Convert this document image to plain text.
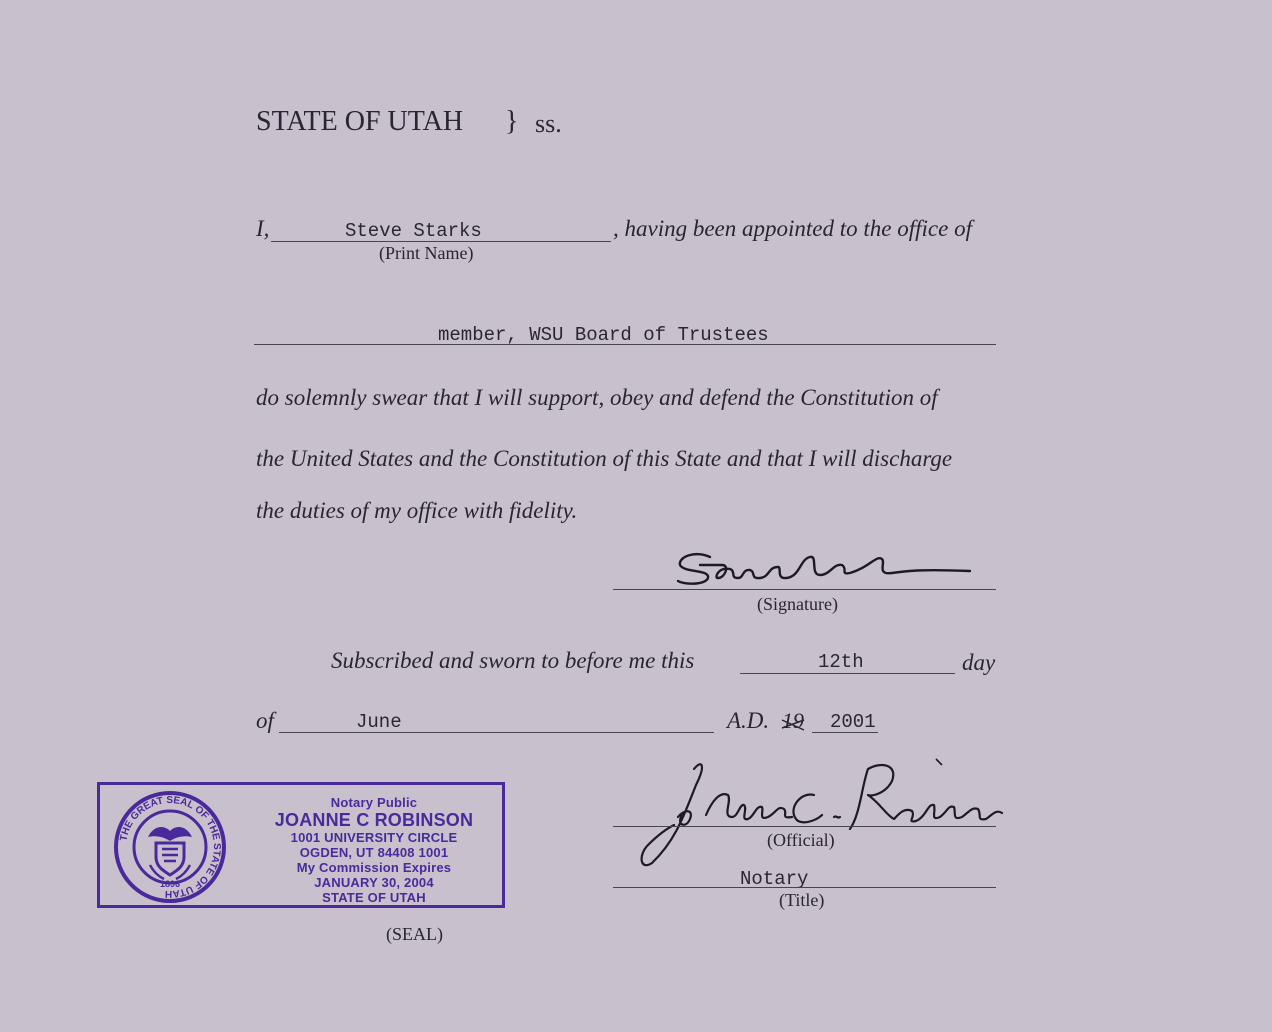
STATE OF UTAH } ss.
I,	Steve Starks	, having been appointed to the office of
(Print Name)
member, WSU Board of Trustees
do solemnly swear that I will support, obey and defend the Constitution of
the United States and the Constitution of this State and that I will discharge
the duties of my office with fidelity.
(Signature)
Subscribed and sworn to before me this	12th	day
of	June	A.D. 19 2001
(Official)
Notary
(Title)
THE GREAT SEAL OF THE STATE OF UTAH
1896
Notary Public
JOANNE C ROBINSON
1001 UNIVERSITY CIRCLE
OGDEN, UT 84408 1001
My Commission Expires
JANUARY 30, 2004
STATE OF UTAH
(SEAL)
